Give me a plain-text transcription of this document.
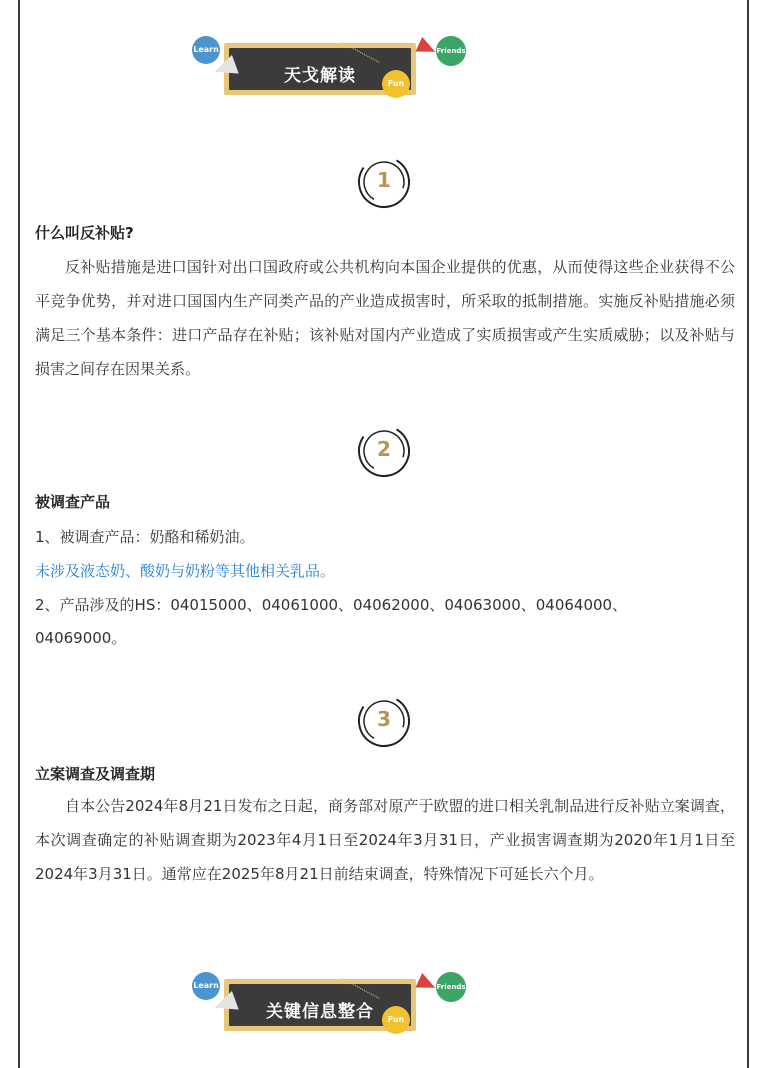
天戈解读
Learn	Friends
Fun
1
什么叫反补贴?

反补贴措施是进口国针对出口国政府或公共机构向本国企业提供的优惠，从而使得这些企业获得不公平竞争优势，并对进口国国内生产同类产品的产业造成损害时，所采取的抵制措施。实施反补贴措施必须满足三个基本条件：进口产品存在补贴；该补贴对国内产业造成了实质损害或产生实质威胁；以及补贴与损害之间存在因果关系。

2
被调查产品
1、被调查产品：奶酪和稀奶油。
未涉及液态奶、酸奶与奶粉等其他相关乳品。
2、产品涉及的HS：04015000、04061000、04062000、04063000、04064000、
04069000。
3
立案调查及调查期

自本公告2024年8月21日发布之日起，商务部对原产于欧盟的进口相关乳制品进行反补贴立案调查，本次调查确定的补贴调查期为2023年4月1日至2024年3月31日，产业损害调查期为2020年1月1日至2024年3月31日。通常应在2025年8月21日前结束调查，特殊情况下可延长六个月。

关键信息整合
Learn	Friends
Fun
